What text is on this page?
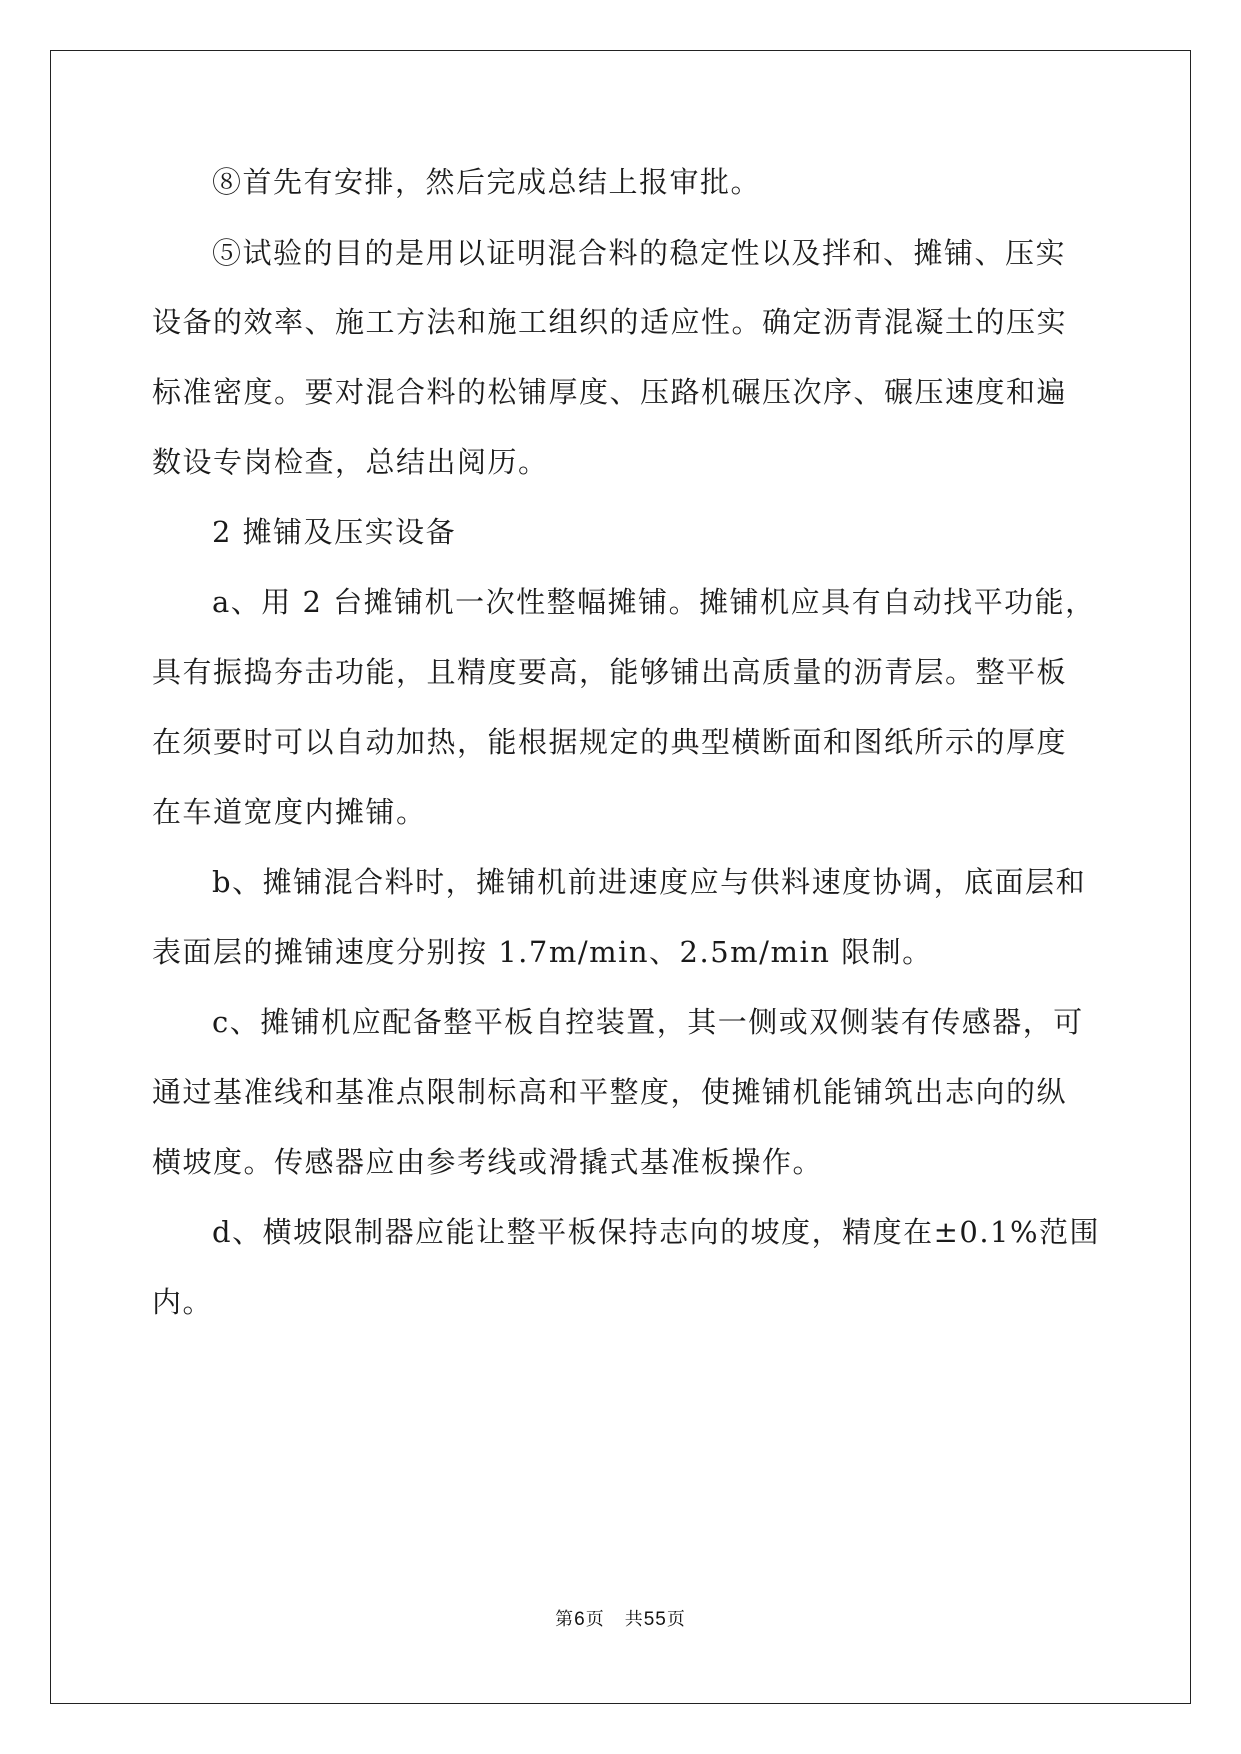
⑧首先有安排，然后完成总结上报审批。
⑤试验的目的是用以证明混合料的稳定性以及拌和、摊铺、压实
设备的效率、施工方法和施工组织的适应性。确定沥青混凝土的压实
标准密度。要对混合料的松铺厚度、压路机碾压次序、碾压速度和遍
数设专岗检查，总结出阅历。
2 摊铺及压实设备
a、用 2 台摊铺机一次性整幅摊铺。摊铺机应具有自动找平功能，
具有振捣夯击功能，且精度要高，能够铺出高质量的沥青层。整平板
在须要时可以自动加热，能根据规定的典型横断面和图纸所示的厚度
在车道宽度内摊铺。
b、摊铺混合料时，摊铺机前进速度应与供料速度协调，底面层和
表面层的摊铺速度分别按 1.7m/min、2.5m/min 限制。
c、摊铺机应配备整平板自控装置，其一侧或双侧装有传感器，可
通过基准线和基准点限制标高和平整度，使摊铺机能铺筑出志向的纵
横坡度。传感器应由参考线或滑撬式基准板操作。
d、横坡限制器应能让整平板保持志向的坡度，精度在±0.1%范围
内。
第6页 共55页
